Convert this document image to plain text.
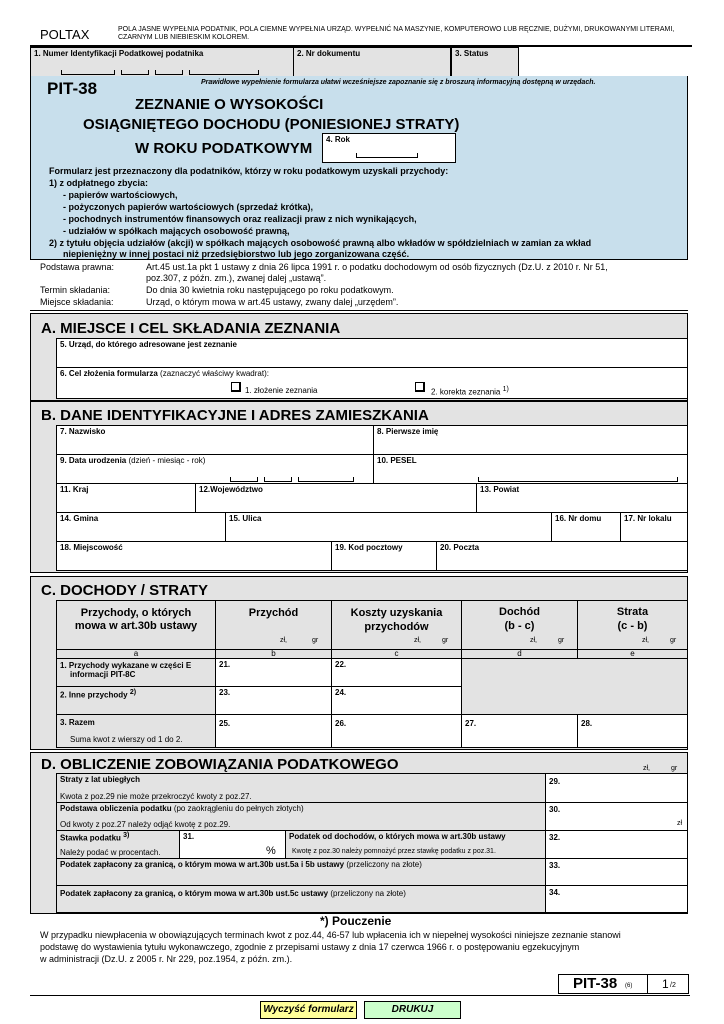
POLTAX	POLA JASNE WYPEŁNIA PODATNIK, POLA CIEMNE WYPEŁNIA URZĄD. WYPEŁNIĆ NA MASZYNIE, KOMPUTEROWO LUB RĘCZNIE, DUŻYMI, DRUKOWANYMI LITERAMI, CZARNYM LUB NIEBIESKIM KOLOREM.
1. Numer Identyfikacji Podatkowej podatnika	2. Nr dokumentu	3. Status
PIT-38	Prawidłowe wypełnienie formularza ułatwi wcześniejsze zapoznanie się z broszurą informacyjną dostępną w urzędach.
ZEZNANIE O WYSOKOŚCI
OSIĄGNIĘTEGO DOCHODU (PONIESIONEJ STRATY)
W ROKU PODATKOWYM
4. Rok
Formularz jest przeznaczony dla podatników, którzy w roku podatkowym uzyskali przychody:
1) z odpłatnego zbycia:
- papierów wartościowych,
- pożyczonych papierów wartościowych (sprzedaż krótka),
- pochodnych instrumentów finansowych oraz realizacji praw z nich wynikających,
- udziałów w spółkach mających osobowość prawną,
2) z tytułu objęcia udziałów (akcji) w spółkach mających osobowość prawną albo wkładów w spółdzielniach w zamian za wkład
niepieniężny w innej postaci niż przedsiębiorstwo lub jego zorganizowana część.
Podstawa prawna:	Art.45 ust.1a pkt 1 ustawy z dnia 26 lipca 1991 r. o podatku dochodowym od osób fizycznych (Dz.U. z 2010 r. Nr 51,
poz.307, z późn. zm.), zwanej dalej „ustawą”.
Termin składania:	Do dnia 30 kwietnia roku następującego po roku podatkowym.
Miejsce składania:	Urząd, o którym mowa w art.45 ustawy, zwany dalej „urzędem”.
A. MIEJSCE I CEL SKŁADANIA ZEZNANIA
5. Urząd, do którego adresowane jest zeznanie
6. Cel złożenia formularza (zaznaczyć właściwy kwadrat):
1. złożenie zeznania	2. korekta zeznania $^{1)}$
B. DANE IDENTYFIKACYJNE I ADRES ZAMIESZKANIA
7. Nazwisko	8. Pierwsze imię
9. Data urodzenia (dzień - miesiąc - rok)	10. PESEL
11. Kraj	12.Województwo	13. Powiat
14. Gmina	15. Ulica	16. Nr domu	17. Nr lokalu
18. Miejscowość	19. Kod pocztowy	20. Poczta
C. DOCHODY / STRATY
Przychody, o których
mowa w art.30b ustawy
Przychód
zł,	gr
Koszty uzyskania
przychodów
zł,	gr
Dochód
(b - c)
zł,	gr
Strata
(c - b)
zł,	gr
a	b	c	d	e
1. Przychody wykazane w części E
informacji PIT-8C
21.	22.
2. Inne przychody $^{2)}$	23.	24.
3. Razem
Suma kwot z wierszy od 1 do 2.
25.	26.	27.	28.
D. OBLICZENIE ZOBOWIĄZANIA PODATKOWEGO	zł,	gr
Straty z lat ubiegłych
Kwota z poz.29 nie może przekroczyć kwoty z poz.27.
29.
Podstawa obliczenia podatku (po zaokrągleniu do pełnych złotych)
Od kwoty z poz.27 należy odjąć kwotę z poz.29.
30.
zł
Stawka podatku $^{3)}$
Należy podać w procentach.
31.
%
Podatek od dochodów, o których mowa w art.30b ustawy
Kwotę z poz.30 należy pomnożyć przez stawkę podatku z poz.31.
32.
Podatek zapłacony za granicą, o którym mowa w art.30b ust.5a i 5b ustawy (przeliczony na złote)	33.
Podatek zapłacony za granicą, o którym mowa w art.30b ust.5c ustawy (przeliczony na złote)	34.
*) Pouczenie
W przypadku niewpłacenia w obowiązujących terminach kwot z poz.44, 46-57 lub wpłacenia ich w niepełnej wysokości niniejsze zeznanie stanowi
podstawę do wystawienia tytułu wykonawczego, zgodnie z przepisami ustawy z dnia 17 czerwca 1966 r. o postępowaniu egzekucyjnym
w administracji (Dz.U. z 2005 r. Nr 229, poz.1954, z późn. zm.).
PIT-38 (6) 1 /2
Wyczyść formularz	DRUKUJ
